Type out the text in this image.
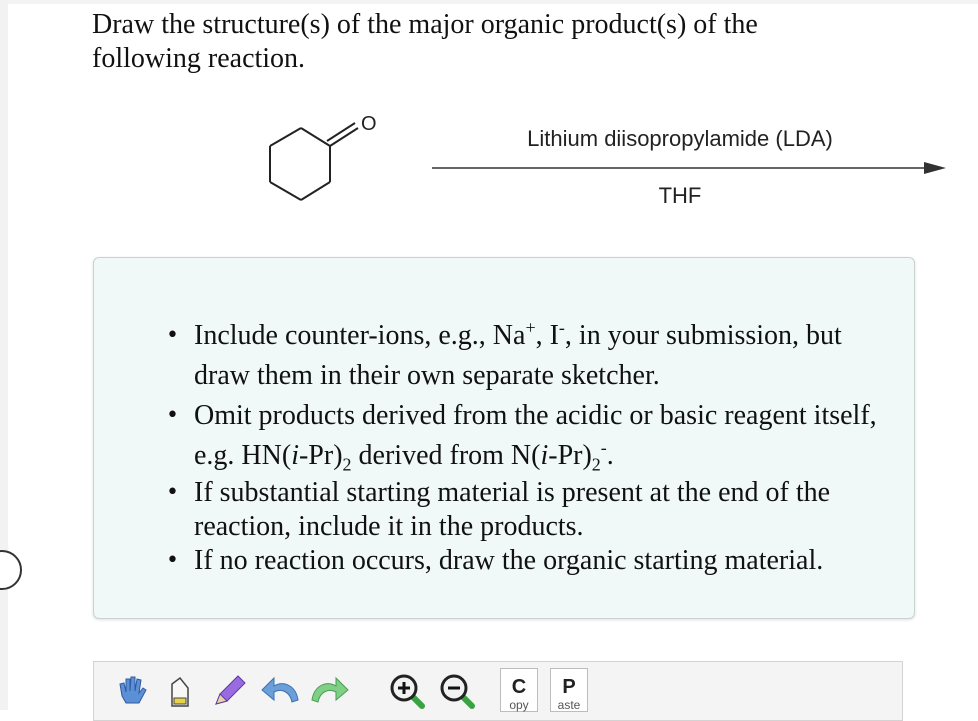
Draw the structure(s) of the major organic product(s) of the
following reaction.
O
Lithium diisopropylamide (LDA)
THF
• Include counter-ions, e.g., Na+, I-, in your submission, but draw them in their own separate sketcher.
• Omit products derived from the acidic or basic reagent itself, e.g. $HN(i-Pr)_2$ derived from $N(i-Pr)_2^-$.
• If substantial starting material is present at the end of the reaction, include it in the products.
• If no reaction occurs, draw the organic starting material.
C
opy
P
aste
